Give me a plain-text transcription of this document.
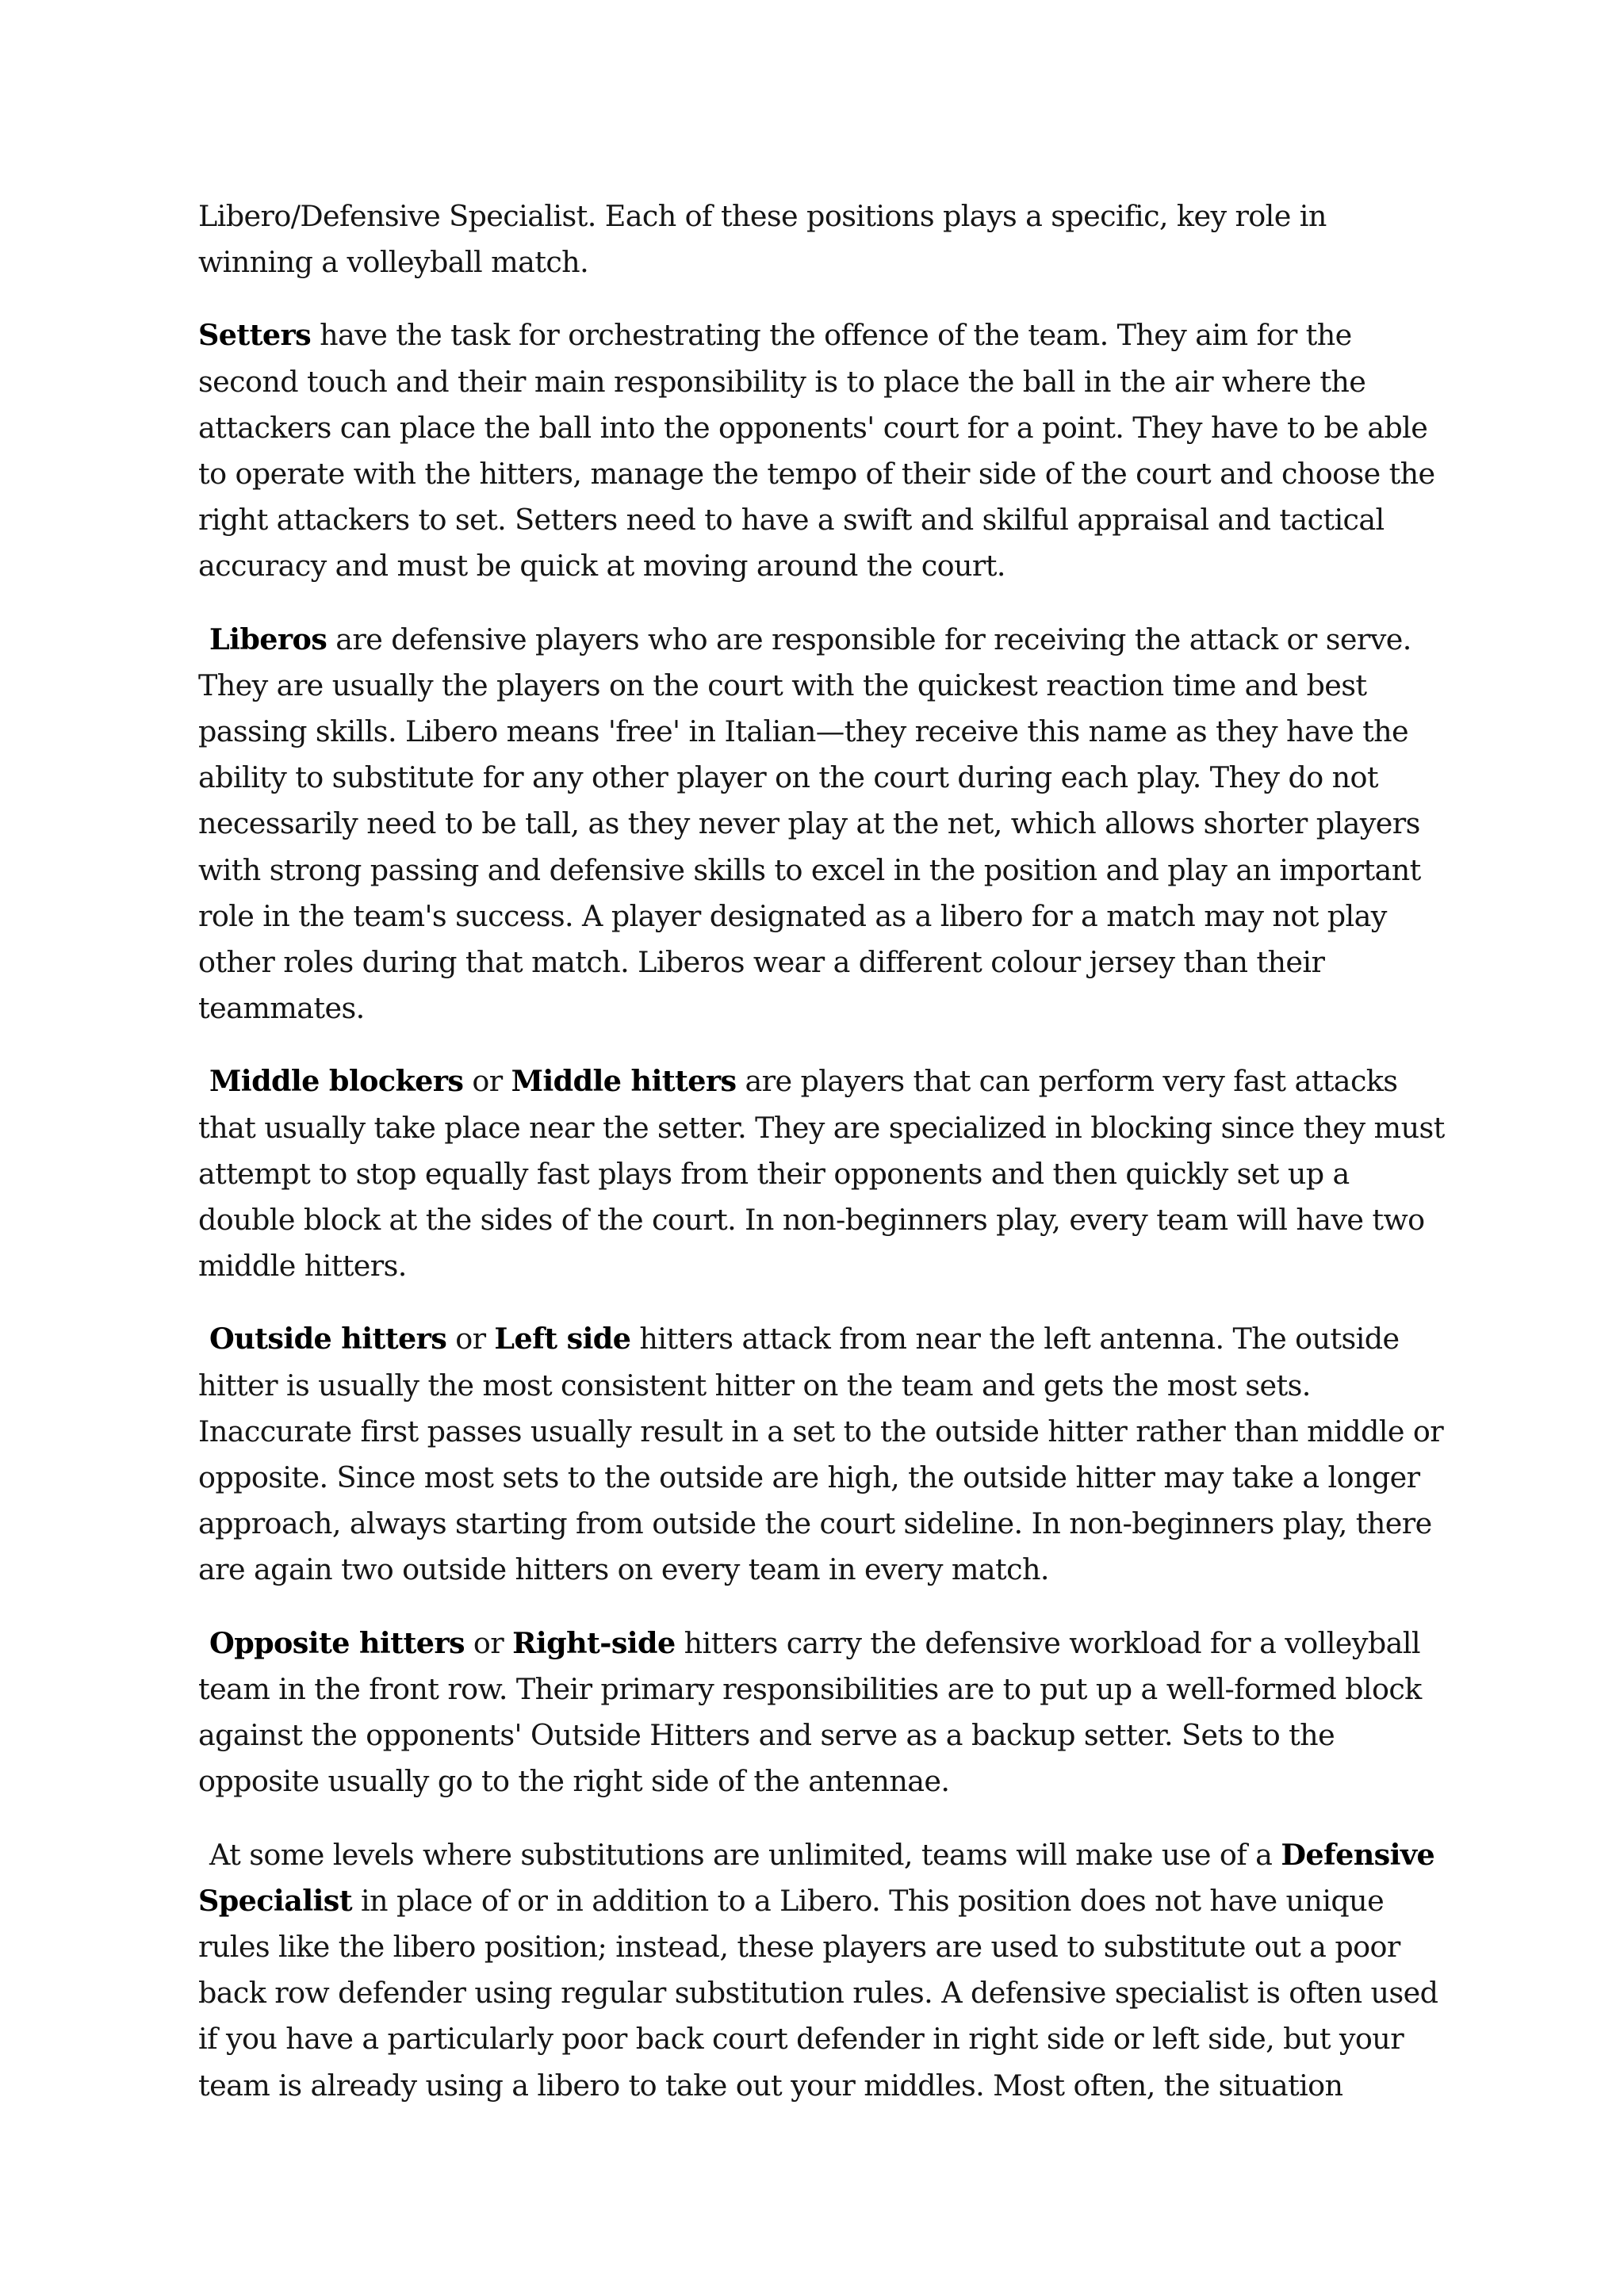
Libero/Defensive Specialist. Each of these positions plays a specific, key role in winning a volleyball match.

Setters have the task for orchestrating the offence of the team. They aim for the second touch and their main responsibility is to place the ball in the air where the attackers can place the ball into the opponents' court for a point. They have to be able to operate with the hitters, manage the tempo of their side of the court and choose the right attackers to set. Setters need to have a swift and skilful appraisal and tactical accuracy and must be quick at moving around the court.

Liberos are defensive players who are responsible for receiving the attack or serve. They are usually the players on the court with the quickest reaction time and best passing skills. Libero means 'free' in Italian—they receive this name as they have the ability to substitute for any other player on the court during each play. They do not necessarily need to be tall, as they never play at the net, which allows shorter players with strong passing and defensive skills to excel in the position and play an important role in the team's success. A player designated as a libero for a match may not play other roles during that match. Liberos wear a different colour jersey than their teammates.

Middle blockers or Middle hitters are players that can perform very fast attacks that usually take place near the setter. They are specialized in blocking since they must attempt to stop equally fast plays from their opponents and then quickly set up a double block at the sides of the court. In non-beginners play, every team will have two middle hitters.

Outside hitters or Left side hitters attack from near the left antenna. The outside hitter is usually the most consistent hitter on the team and gets the most sets. Inaccurate first passes usually result in a set to the outside hitter rather than middle or opposite. Since most sets to the outside are high, the outside hitter may take a longer approach, always starting from outside the court sideline. In non-beginners play, there are again two outside hitters on every team in every match.

Opposite hitters or Right-side hitters carry the defensive workload for a volleyball team in the front row. Their primary responsibilities are to put up a well-formed block against the opponents' Outside Hitters and serve as a backup setter. Sets to the opposite usually go to the right side of the antennae.

At some levels where substitutions are unlimited, teams will make use of a Defensive Specialist in place of or in addition to a Libero. This position does not have unique rules like the libero position; instead, these players are used to substitute out a poor back row defender using regular substitution rules. A defensive specialist is often used if you have a particularly poor back court defender in right side or left side, but your team is already using a libero to take out your middles. Most often, the situation
